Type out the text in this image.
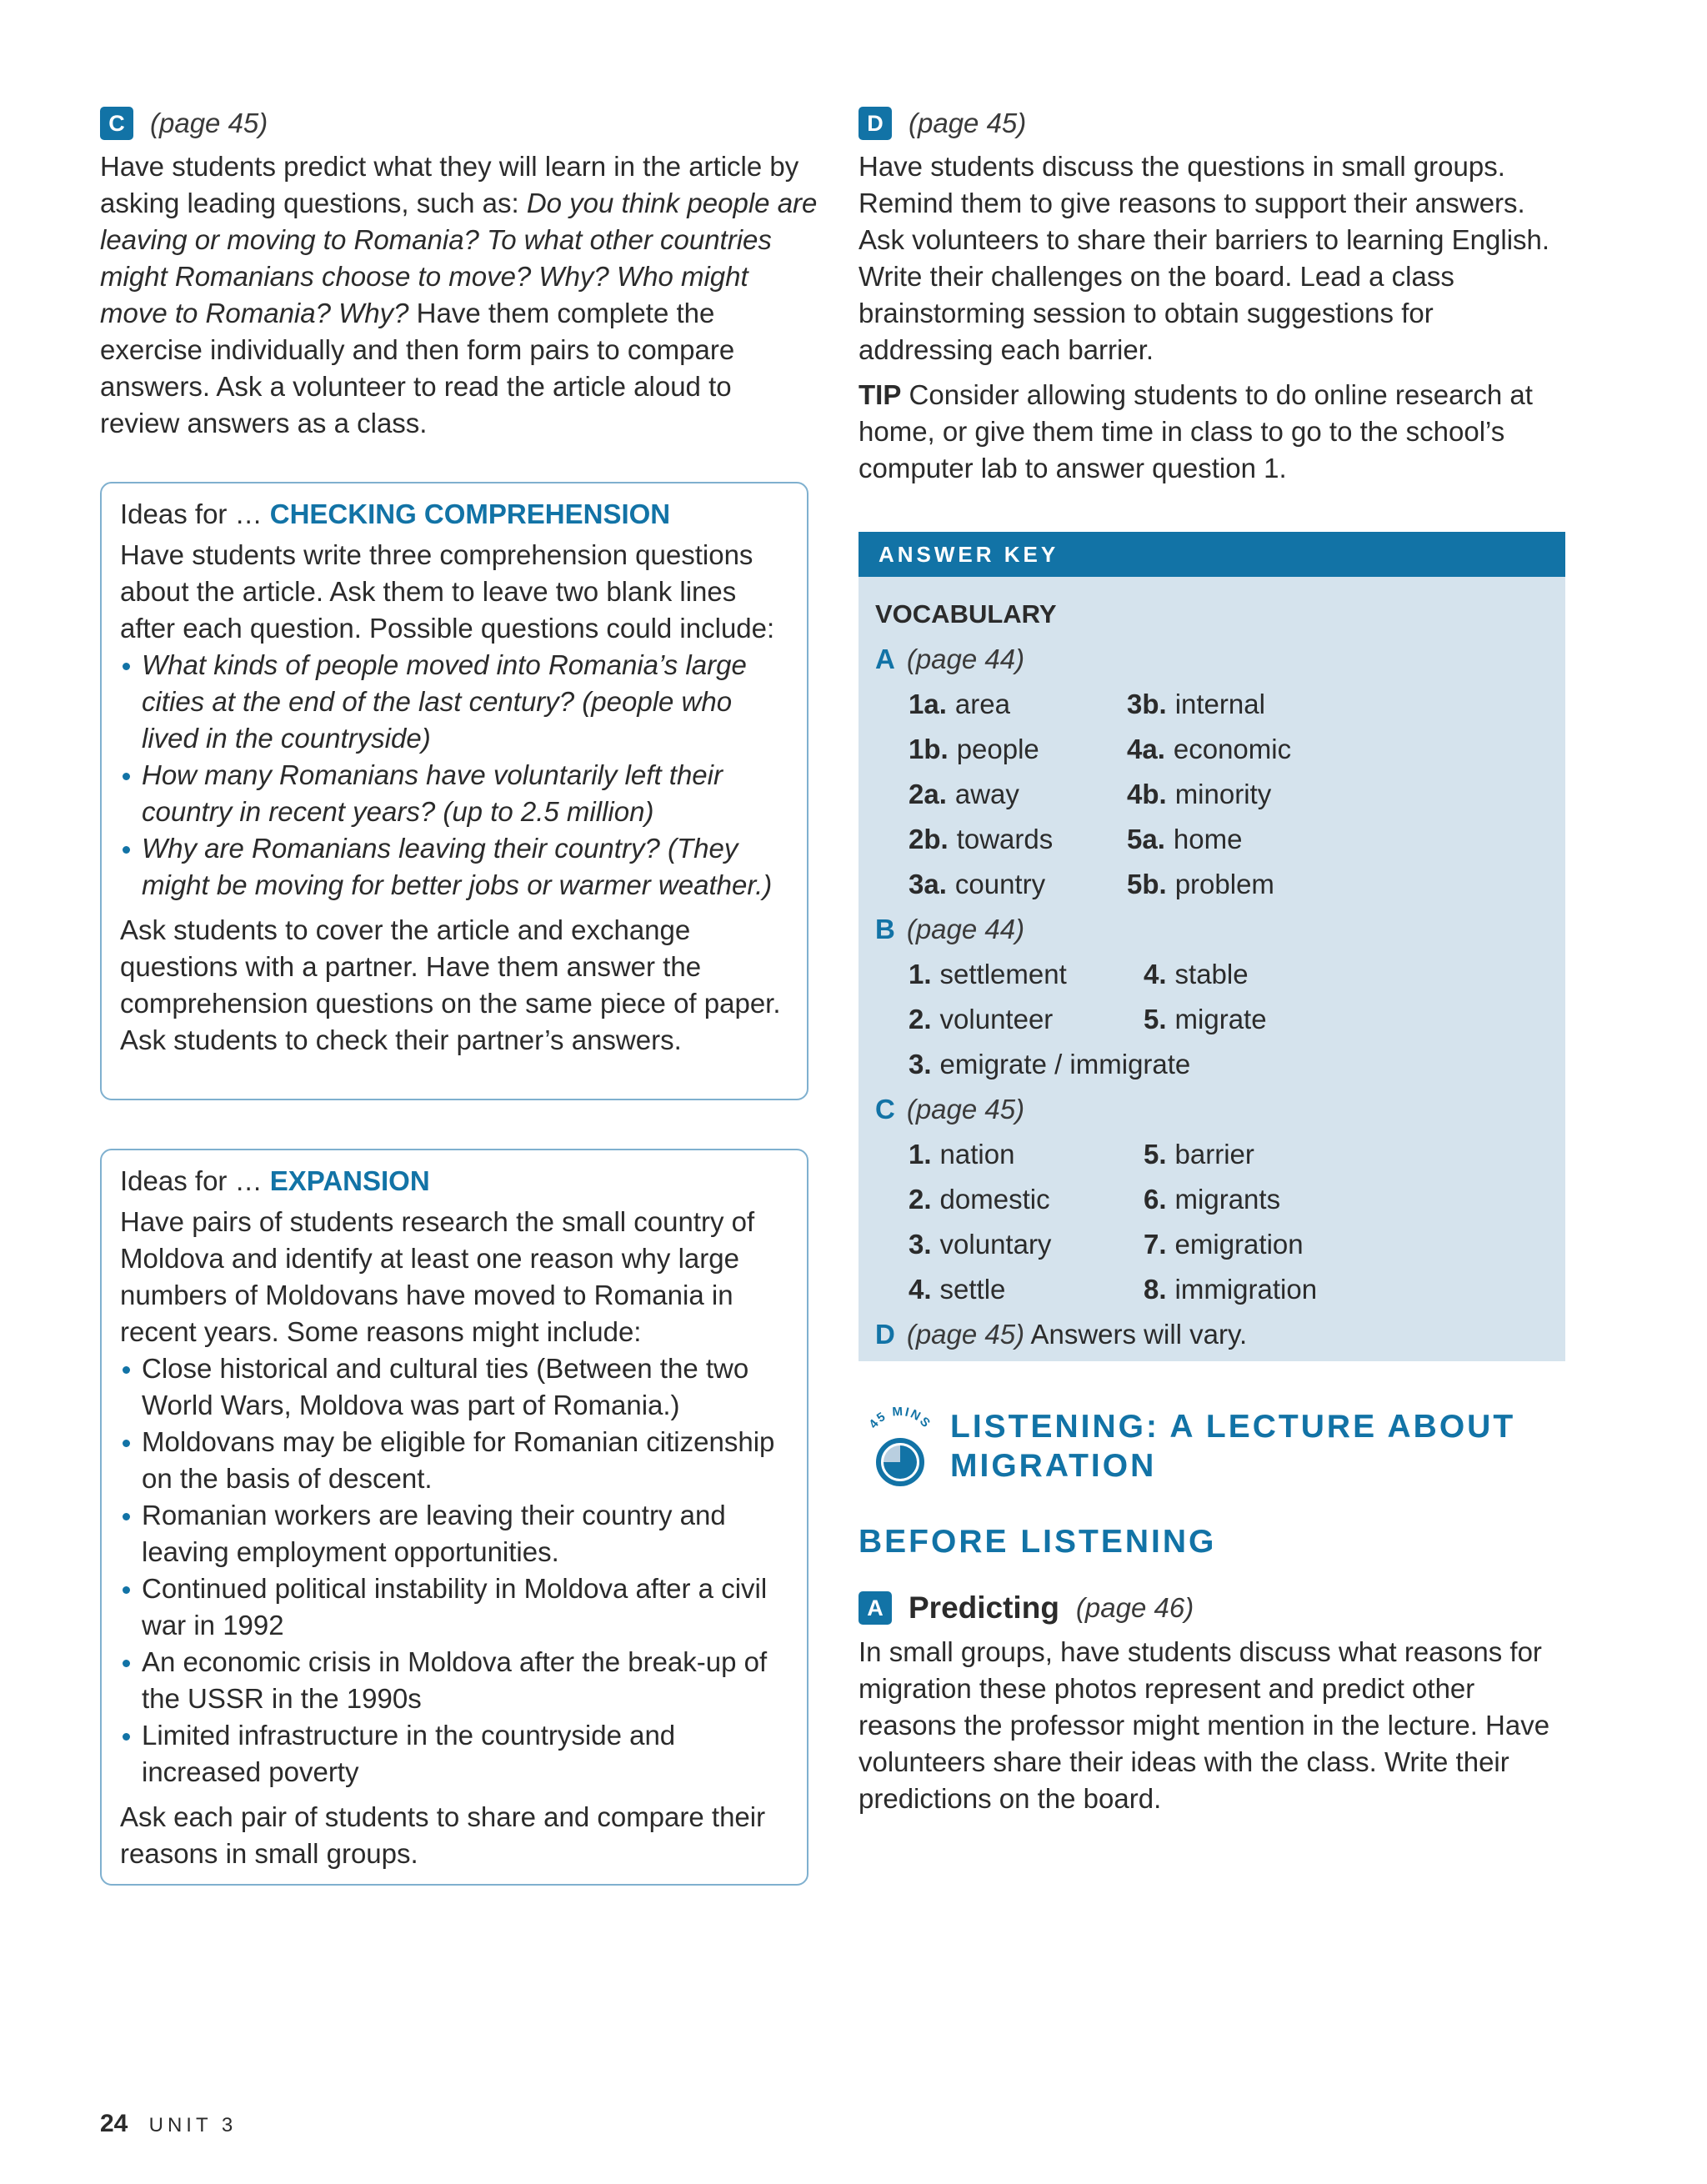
C (page 45)

Have students predict what they will learn in the article by asking leading questions, such as: Do you think people are leaving or moving to Romania? To what other countries might Romanians choose to move? Why? Who might move to Romania? Why? Have them complete the exercise individually and then form pairs to compare answers. Ask a volunteer to read the article aloud to review answers as a class.

Ideas for … CHECKING COMPREHENSION

Have students write three comprehension questions about the article. Ask them to leave two blank lines after each question. Possible questions could include:

What kinds of people moved into Romania’s large cities at the end of the last century? (people who lived in the countryside)
How many Romanians have voluntarily left their country in recent years? (up to 2.5 million)
Why are Romanians leaving their country? (They might be moving for better jobs or warmer weather.)

Ask students to cover the article and exchange questions with a partner. Have them answer the comprehension questions on the same piece of paper. Ask students to check their partner’s answers.

Ideas for … EXPANSION

Have pairs of students research the small country of Moldova and identify at least one reason why large numbers of Moldovans have moved to Romania in recent years. Some reasons might include:

Close historical and cultural ties (Between the two World Wars, Moldova was part of Romania.)
Moldovans may be eligible for Romanian citizenship on the basis of descent.
Romanian workers are leaving their country and leaving employment opportunities.
Continued political instability in Moldova after a civil war in 1992
An economic crisis in Moldova after the break-up of the USSR in the 1990s
Limited infrastructure in the countryside and increased poverty

Ask each pair of students to share and compare their reasons in small groups.

D (page 45)

Have students discuss the questions in small groups. Remind them to give reasons to support their answers. Ask volunteers to share their barriers to learning English. Write their challenges on the board. Lead a class brainstorming session to obtain suggestions for addressing each barrier.

TIP Consider allowing students to do online research at home, or give them time in class to go to the school’s computer lab to answer question 1.

ANSWER KEY
VOCABULARY
A (page 44)
1a. area	3b. internal
1b. people	4a. economic
2a. away	4b. minority
2b. towards	5a. home
3a. country	5b. problem
B (page 44)
1. settlement	4. stable
2. volunteer	5. migrate
3. emigrate / immigrate
C (page 45)
1. nation	5. barrier
2. domestic	6. migrants
3. voluntary	7. emigration
4. settle	8. immigration
D (page 45) Answers will vary.
45 MINS LISTENING: A LECTURE ABOUT
MIGRATION
BEFORE LISTENING
A Predicting (page 46)

In small groups, have students discuss what reasons for migration these photos represent and predict other reasons the professor might mention in the lecture. Have volunteers share their ideas with the class. Write their predictions on the board.

24 UNIT 3
